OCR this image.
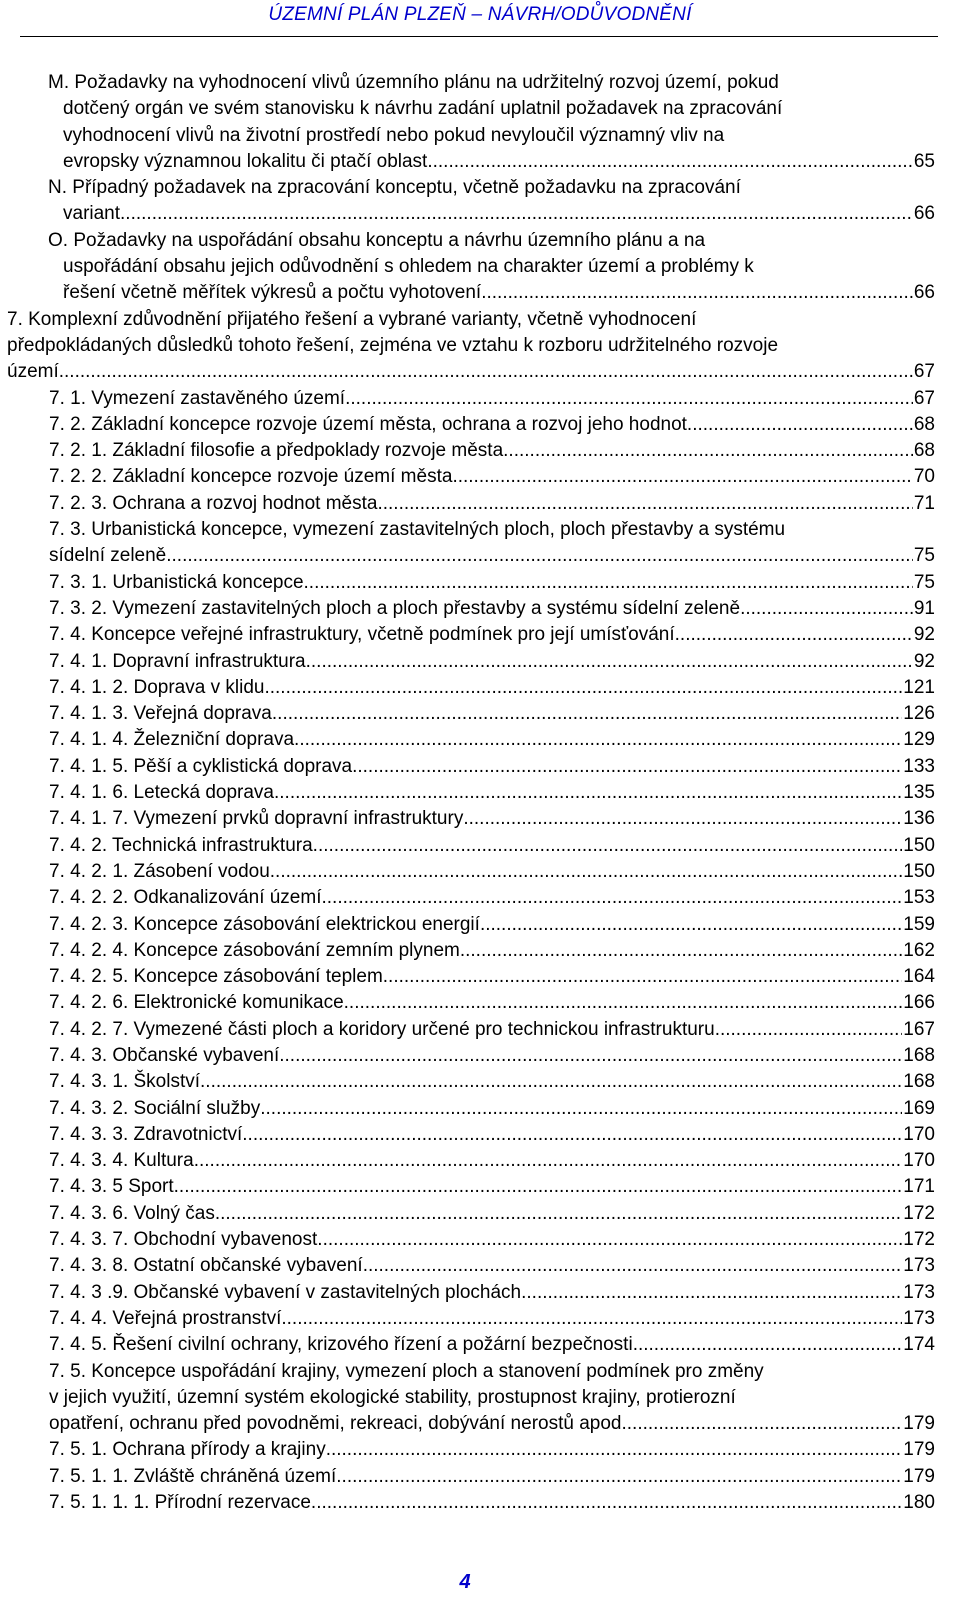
ÚZEMNÍ PLÁN PLZEŇ – NÁVRH/ODŮVODNĚNÍ
M. Požadavky na vyhodnocení vlivů územního plánu na udržitelný rozvoj území, pokud
dotčený orgán ve svém stanovisku k návrhu zadání uplatnil požadavek na zpracování
vyhodnocení vlivů na životní prostředí nebo pokud nevyloučil významný vliv na
evropsky významnou lokalitu či ptačí oblast .....	65
N. Případný požadavek na zpracování konceptu, včetně požadavku na zpracování
variant .....	66
O. Požadavky na uspořádání obsahu konceptu a návrhu územního plánu a na
uspořádání obsahu jejich odůvodnění s ohledem na charakter území a problémy k
řešení včetně měřítek výkresů a počtu vyhotovení .....	66
7. Komplexní zdůvodnění přijatého řešení a vybrané varianty, včetně vyhodnocení
předpokládaných důsledků tohoto řešení, zejména ve vztahu k rozboru udržitelného rozvoje
území .....	67
7. 1. Vymezení zastavěného území .....	67
7. 2. Základní koncepce rozvoje území města, ochrana a rozvoj jeho hodnot .....	68
7. 2. 1. Základní filosofie a předpoklady rozvoje města .....	68
7. 2. 2. Základní koncepce rozvoje území města .....	70
7. 2. 3. Ochrana a rozvoj hodnot města .....	71
7. 3. Urbanistická koncepce, vymezení zastavitelných ploch, ploch přestavby a systému
sídelní zeleně .....	75
7. 3. 1. Urbanistická koncepce .....	75
7. 3. 2. Vymezení zastavitelných ploch a ploch přestavby a systému sídelní zeleně .....	91
7. 4. Koncepce veřejné infrastruktury, včetně podmínek pro její umísťování .....	92
7. 4. 1. Dopravní infrastruktura .....	92
7. 4. 1. 2. Doprava v klidu .....	121
7. 4. 1. 3. Veřejná doprava .....	126
7. 4. 1. 4. Železniční doprava .....	129
7. 4. 1. 5. Pěší a cyklistická doprava .....	133
7. 4. 1. 6. Letecká doprava .....	135
7. 4. 1. 7. Vymezení prvků dopravní infrastruktury .....	136
7. 4. 2. Technická infrastruktura .....	150
7. 4. 2. 1. Zásobení vodou .....	150
7. 4. 2. 2. Odkanalizování území .....	153
7. 4. 2. 3. Koncepce zásobování elektrickou energií .....	159
7. 4. 2. 4. Koncepce zásobování zemním plynem .....	162
7. 4. 2. 5. Koncepce zásobování teplem .....	164
7. 4. 2. 6. Elektronické komunikace .....	166
7. 4. 2. 7. Vymezené části ploch a koridory určené pro technickou infrastrukturu .....	167
7. 4. 3. Občanské vybavení .....	168
7. 4. 3. 1. Školství .....	168
7. 4. 3. 2. Sociální služby .....	169
7. 4. 3. 3. Zdravotnictví .....	170
7. 4. 3. 4. Kultura .....	170
7. 4. 3. 5 Sport .....	171
7. 4. 3. 6. Volný čas .....	172
7. 4. 3. 7. Obchodní vybavenost .....	172
7. 4. 3. 8. Ostatní občanské vybavení .....	173
7. 4. 3 .9. Občanské vybavení v zastavitelných plochách .....	173
7. 4. 4. Veřejná prostranství .....	173
7. 4. 5. Řešení civilní ochrany, krizového řízení a požární bezpečnosti .....	174
7. 5. Koncepce uspořádání krajiny, vymezení ploch a stanovení podmínek pro změny
v jejich využití, územní systém ekologické stability, prostupnost krajiny, protierozní
opatření, ochranu před povodněmi, rekreaci, dobývání nerostů apod. .....	179
7. 5. 1. Ochrana přírody a krajiny .....	179
7. 5. 1. 1. Zvláště chráněná území .....	179
7. 5. 1. 1. 1. Přírodní rezervace .....	180
4
